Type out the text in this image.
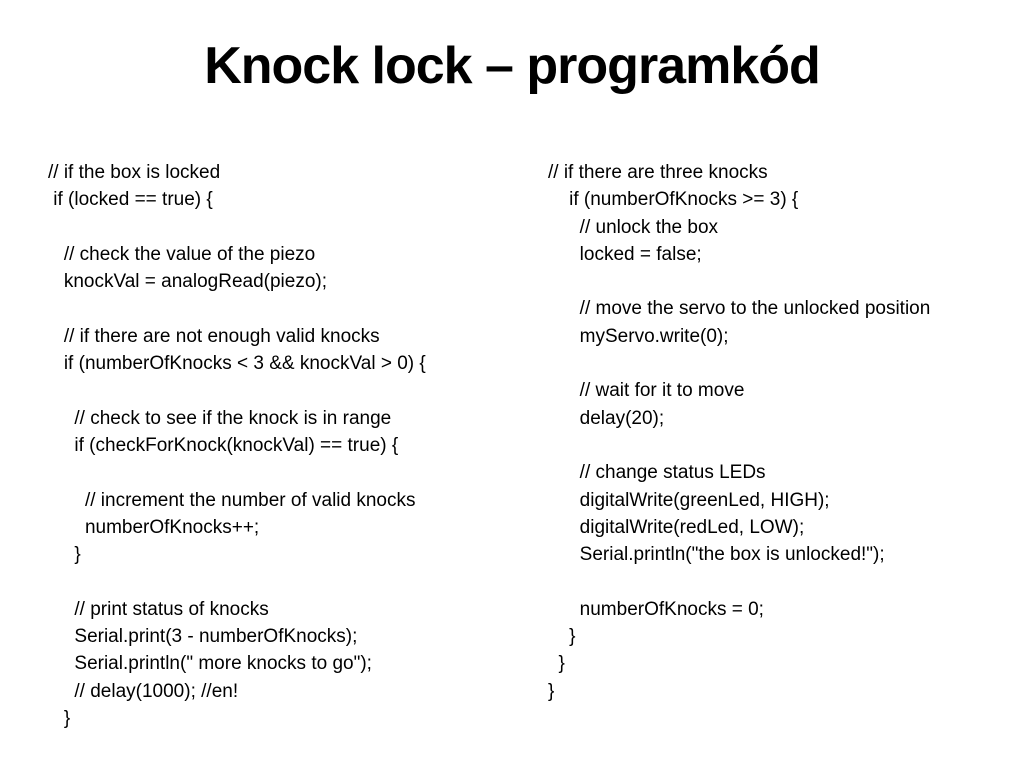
Knock lock – programkód
// if the box is locked
if (locked == true) {
// check the value of the piezo
knockVal = analogRead(piezo);
// if there are not enough valid knocks
if (numberOfKnocks < 3 && knockVal > 0) {
// check to see if the knock is in range
if (checkForKnock(knockVal) == true) {
// increment the number of valid knocks
numberOfKnocks++;
}
// print status of knocks
Serial.print(3 - numberOfKnocks);
Serial.println(" more knocks to go");
// delay(1000); //en!
}
// if there are three knocks
if (numberOfKnocks >= 3) {
// unlock the box
locked = false;
// move the servo to the unlocked position
myServo.write(0);
// wait for it to move
delay(20);
// change status LEDs
digitalWrite(greenLed, HIGH);
digitalWrite(redLed, LOW);
Serial.println("the box is unlocked!");
numberOfKnocks = 0;
}
}
}
